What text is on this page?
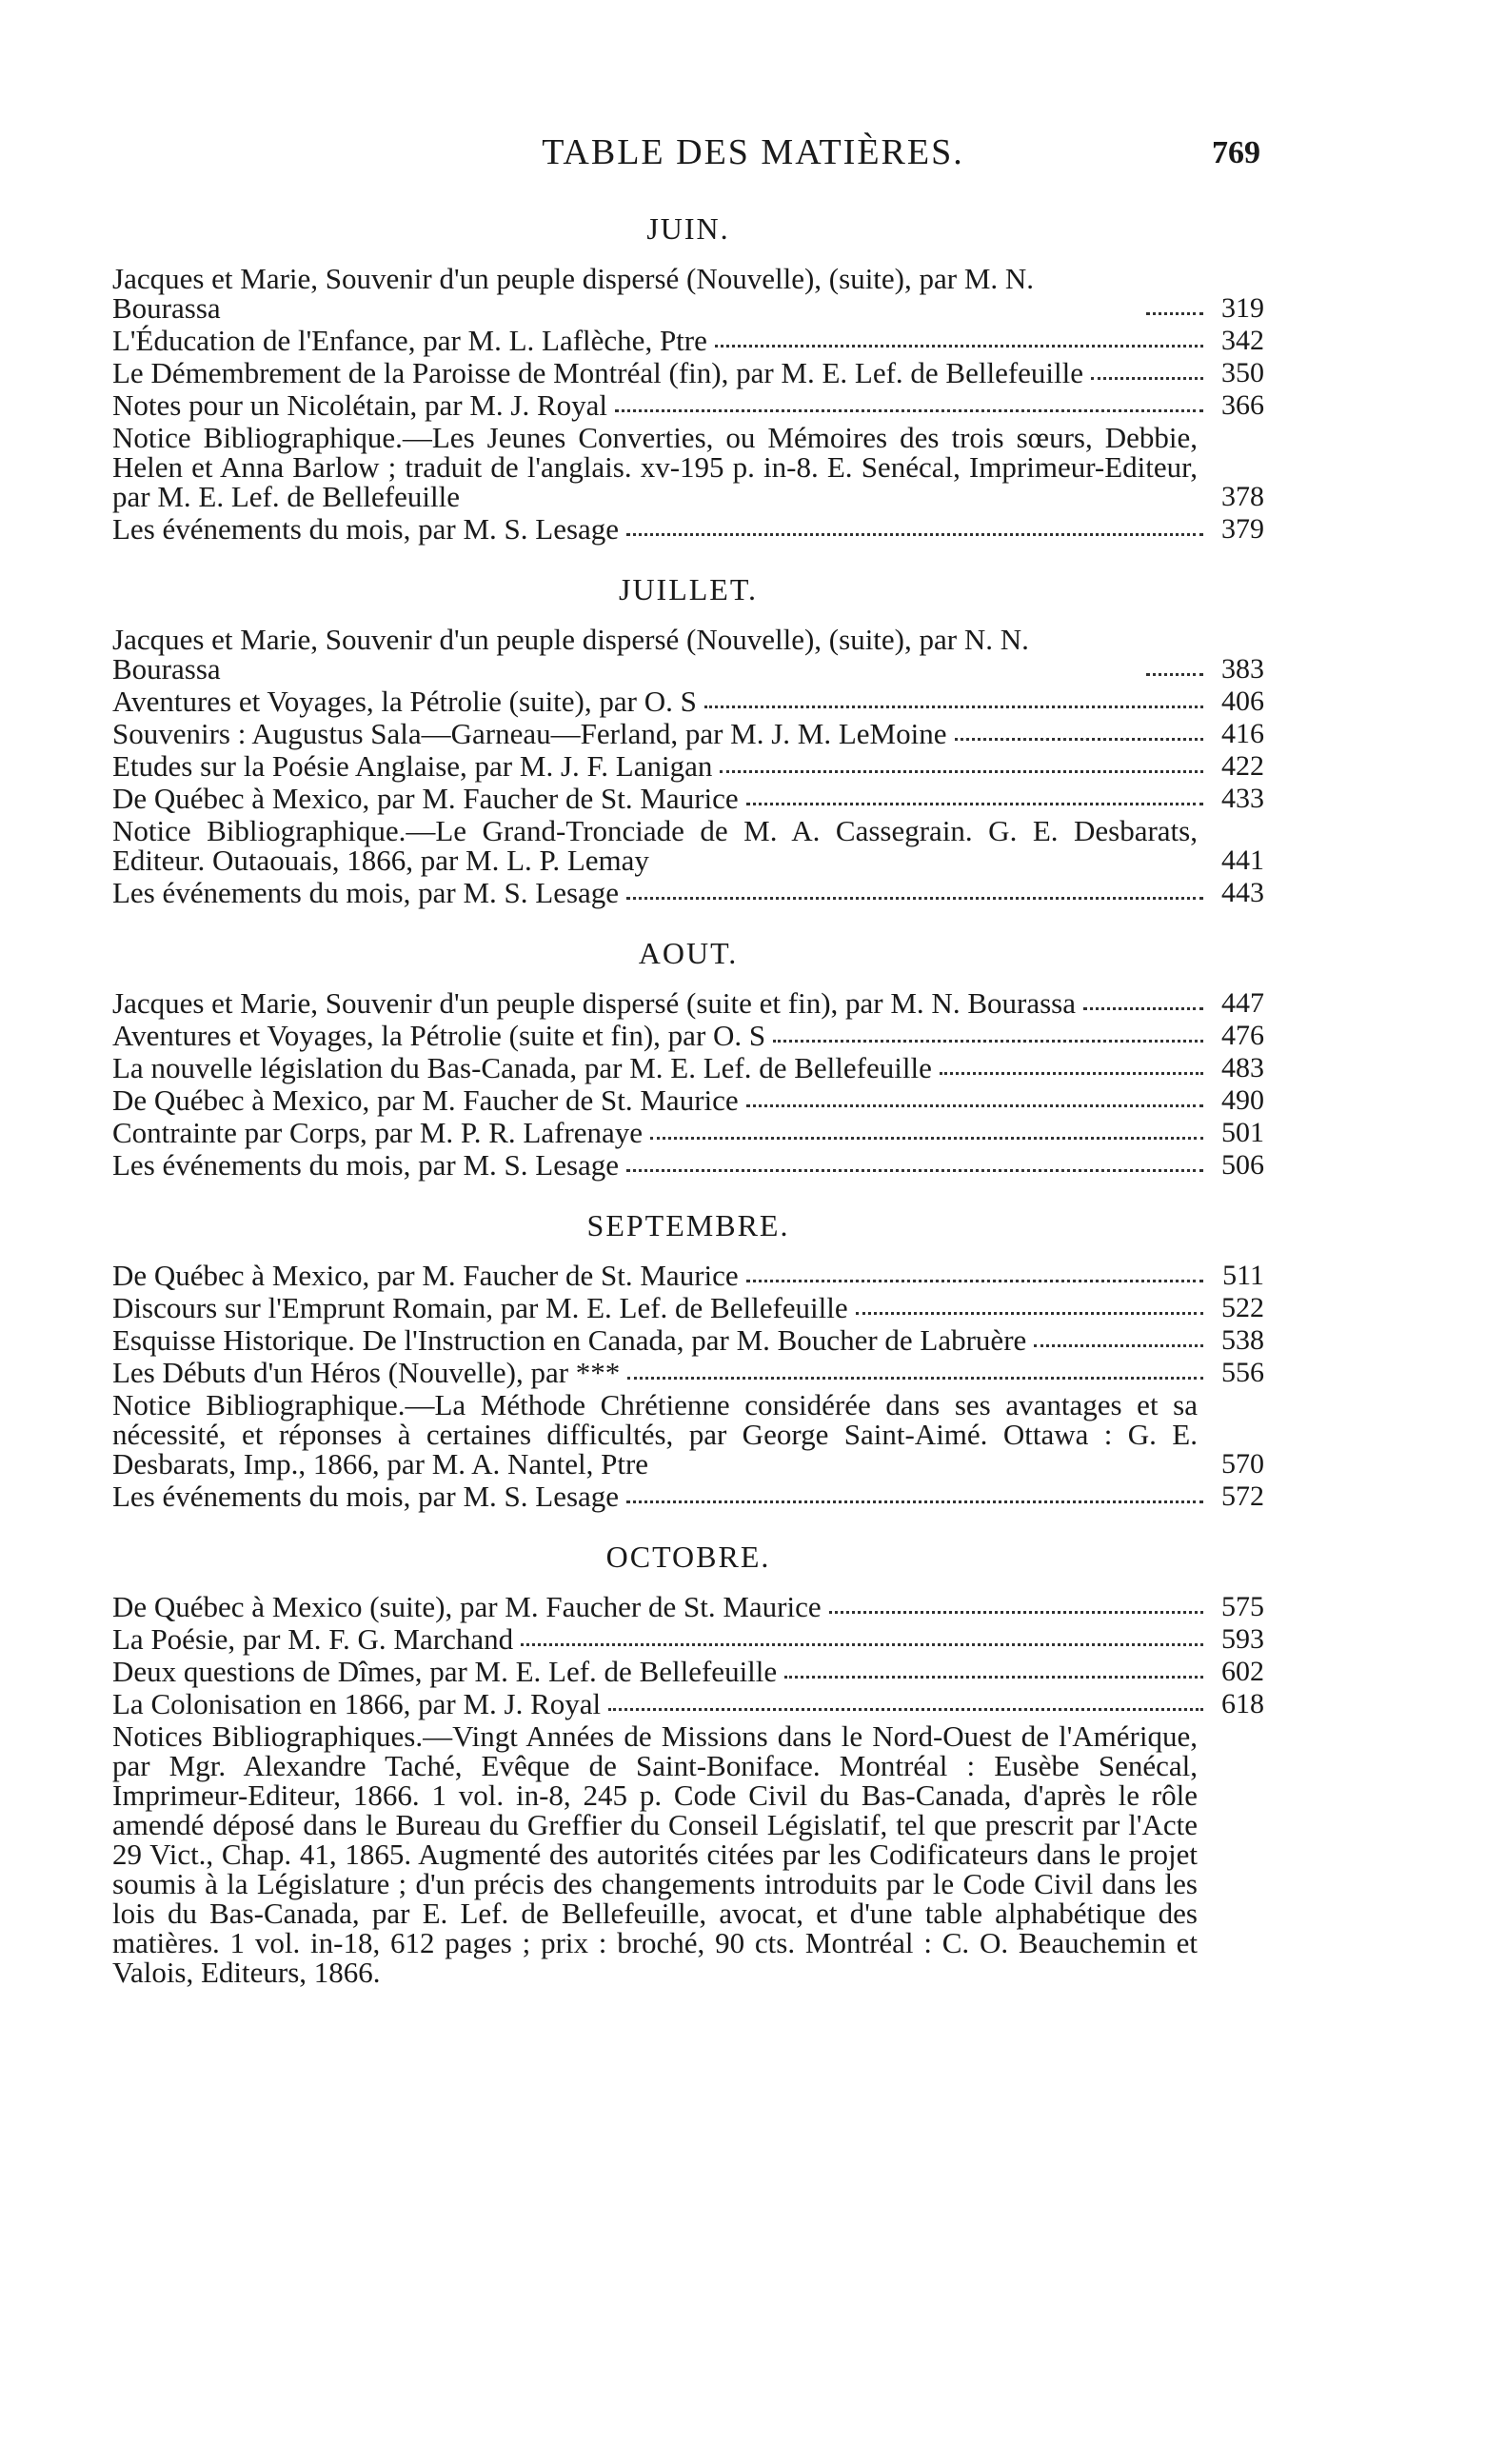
TABLE DES MATIÈRES.	769
JUIN.
Jacques et Marie, Souvenir d'un peuple dispersé (Nouvelle), (suite), par M. N. Bourassa	319
L'Éducation de l'Enfance, par M. L. Laflèche, Ptre	342
Le Démembrement de la Paroisse de Montréal (fin), par M. E. Lef. de Bellefeuille	350
Notes pour un Nicolétain, par M. J. Royal	366
Notice Bibliographique.—Les Jeunes Converties, ou Mémoires des trois sœurs, Debbie, Helen et Anna Barlow ; traduit de l'anglais. xv-195 p. in-8. E. Senécal, Imprimeur-Editeur, par M. E. Lef. de Bellefeuille	378
Les événements du mois, par M. S. Lesage	379
JUILLET.
Jacques et Marie, Souvenir d'un peuple dispersé (Nouvelle), (suite), par N. N. Bourassa	383
Aventures et Voyages, la Pétrolie (suite), par O. S	406
Souvenirs : Augustus Sala—Garneau—Ferland, par M. J. M. LeMoine	416
Etudes sur la Poésie Anglaise, par M. J. F. Lanigan	422
De Québec à Mexico, par M. Faucher de St. Maurice	433
Notice Bibliographique.—Le Grand-Tronciade de M. A. Cassegrain. G. E. Desbarats, Editeur. Outaouais, 1866, par M. L. P. Lemay	441
Les événements du mois, par M. S. Lesage	443
AOUT.
Jacques et Marie, Souvenir d'un peuple dispersé (suite et fin), par M. N. Bourassa	447
Aventures et Voyages, la Pétrolie (suite et fin), par O. S	476
La nouvelle législation du Bas-Canada, par M. E. Lef. de Bellefeuille	483
De Québec à Mexico, par M. Faucher de St. Maurice	490
Contrainte par Corps, par M. P. R. Lafrenaye	501
Les événements du mois, par M. S. Lesage	506
SEPTEMBRE.
De Québec à Mexico, par M. Faucher de St. Maurice	511
Discours sur l'Emprunt Romain, par M. E. Lef. de Bellefeuille	522
Esquisse Historique. De l'Instruction en Canada, par M. Boucher de Labruère	538
Les Débuts d'un Héros (Nouvelle), par ***	556
Notice Bibliographique.—La Méthode Chrétienne considérée dans ses avantages et sa nécessité, et réponses à certaines difficultés, par George Saint-Aimé. Ottawa : G. E. Desbarats, Imp., 1866, par M. A. Nantel, Ptre	570
Les événements du mois, par M. S. Lesage	572
OCTOBRE.
De Québec à Mexico (suite), par M. Faucher de St. Maurice	575
La Poésie, par M. F. G. Marchand	593
Deux questions de Dîmes, par M. E. Lef. de Bellefeuille	602
La Colonisation en 1866, par M. J. Royal	618
Notices Bibliographiques.—Vingt Années de Missions dans le Nord-Ouest de l'Amérique, par Mgr. Alexandre Taché, Evêque de Saint-Boniface. Montréal : Eusèbe Senécal, Imprimeur-Editeur, 1866. 1 vol. in-8, 245 p. Code Civil du Bas-Canada, d'après le rôle amendé déposé dans le Bureau du Greffier du Conseil Législatif, tel que prescrit par l'Acte 29 Vict., Chap. 41, 1865. Augmenté des autorités citées par les Codificateurs dans le projet soumis à la Législature ; d'un précis des changements introduits par le Code Civil dans les lois du Bas-Canada, par E. Lef. de Bellefeuille, avocat, et d'une table alphabétique des matières. 1 vol. in-18, 612 pages ; prix : broché, 90 cts. Montréal : C. O. Beauchemin et Valois, Editeurs, 1866.
